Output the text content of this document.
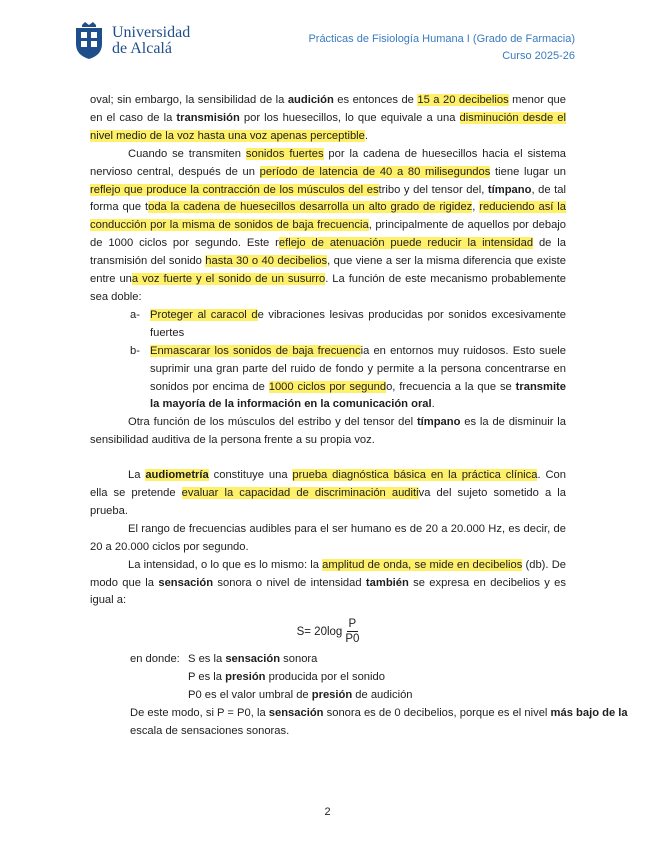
Universidad
de Alcalá
Prácticas de Fisiología Humana I (Grado de Farmacia)
Curso 2025-26

oval; sin embargo, la sensibilidad de la audición es entonces de 15 a 20 decibelios menor que en el caso de la transmisión por los huesecillos, lo que equivale a una disminución desde el nivel medio de la voz hasta una voz apenas perceptible.

Cuando se transmiten sonidos fuertes por la cadena de huesecillos hacia el sistema nervioso central, después de un período de latencia de 40 a 80 milisegundos tiene lugar un reflejo que produce la contracción de los músculos del estribo y del tensor del, tímpano, de tal forma que toda la cadena de huesecillos desarrolla un alto grado de rigidez, reduciendo así la conducción por la misma de sonidos de baja frecuencia, principalmente de aquellos por debajo de 1000 ciclos por segundo. Este reflejo de atenuación puede reducir la intensidad de la transmisión del sonido hasta 30 o 40 decibelios, que viene a ser la misma diferencia que existe entre una voz fuerte y el sonido de un susurro. La función de este mecanismo probablemente sea doble:

a- Proteger al caracol de vibraciones lesivas producidas por sonidos excesivamente fuertes
b- Enmascarar los sonidos de baja frecuencia en entornos muy ruidosos. Esto suele suprimir una gran parte del ruido de fondo y permite a la persona concentrarse en sonidos por encima de 1000 ciclos por segundo, frecuencia a la que se transmite la mayoría de la información en la comunicación oral.

Otra función de los músculos del estribo y del tensor del tímpano es la de disminuir la sensibilidad auditiva de la persona frente a su propia voz.

La audiometría constituye una prueba diagnóstica básica en la práctica clínica. Con ella se pretende evaluar la capacidad de discriminación auditiva del sujeto sometido a la prueba.

El rango de frecuencias audibles para el ser humano es de 20 a 20.000 Hz, es decir, de 20 a 20.000 ciclos por segundo.

La intensidad, o lo que es lo mismo: la amplitud de onda, se mide en decibelios (db). De modo que la sensación sonora o nivel de intensidad también se expresa en decibelios y es igual a:

$S= 20\log \frac{P}{P0}$
en donde: S es la sensación sonora
P es la presión producida por el sonido
P0 es el valor umbral de presión de audición

De este modo, si P = P0, la sensación sonora es de 0 decibelios, porque es el nivel más bajo de la escala de sensaciones sonoras.

2
